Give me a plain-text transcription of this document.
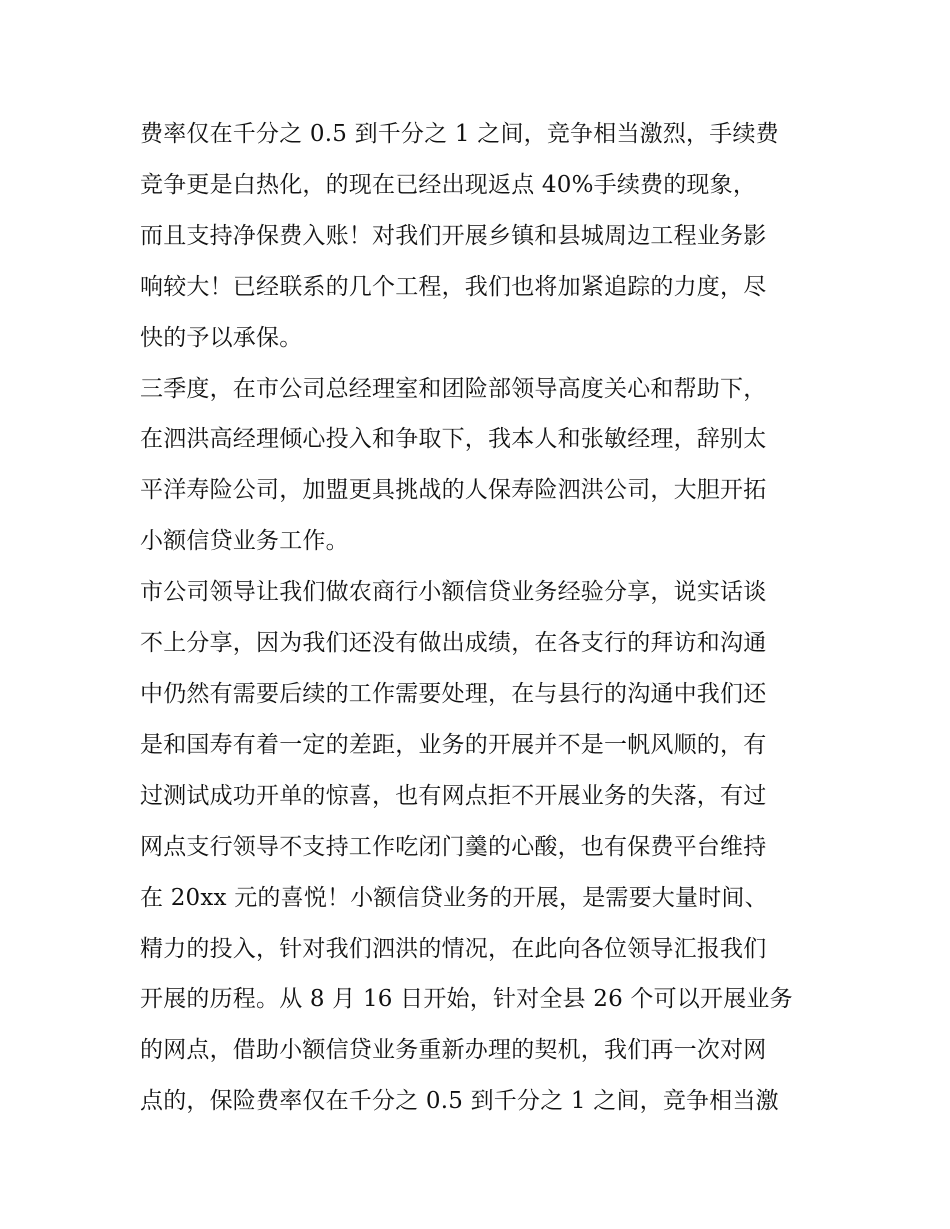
费率仅在千分之 0.5 到千分之 1 之间，竞争相当激烈，手续费
竞争更是白热化，的现在已经出现返点 40%手续费的现象，
而且支持净保费入账！对我们开展乡镇和县城周边工程业务影
响较大！已经联系的几个工程，我们也将加紧追踪的力度，尽
快的予以承保。
三季度，在市公司总经理室和团险部领导高度关心和帮助下，
在泗洪高经理倾心投入和争取下，我本人和张敏经理，辞别太
平洋寿险公司，加盟更具挑战的人保寿险泗洪公司，大胆开拓
小额信贷业务工作。
市公司领导让我们做农商行小额信贷业务经验分享，说实话谈
不上分享，因为我们还没有做出成绩，在各支行的拜访和沟通
中仍然有需要后续的工作需要处理，在与县行的沟通中我们还
是和国寿有着一定的差距，业务的开展并不是一帆风顺的，有
过测试成功开单的惊喜，也有网点拒不开展业务的失落，有过
网点支行领导不支持工作吃闭门羹的心酸，也有保费平台维持
在 20xx 元的喜悦！小额信贷业务的开展，是需要大量时间、
精力的投入，针对我们泗洪的情况，在此向各位领导汇报我们
开展的历程。从 8 月 16 日开始，针对全县 26 个可以开展业务
的网点，借助小额信贷业务重新办理的契机，我们再一次对网
点的，保险费率仅在千分之 0.5 到千分之 1 之间，竞争相当激
